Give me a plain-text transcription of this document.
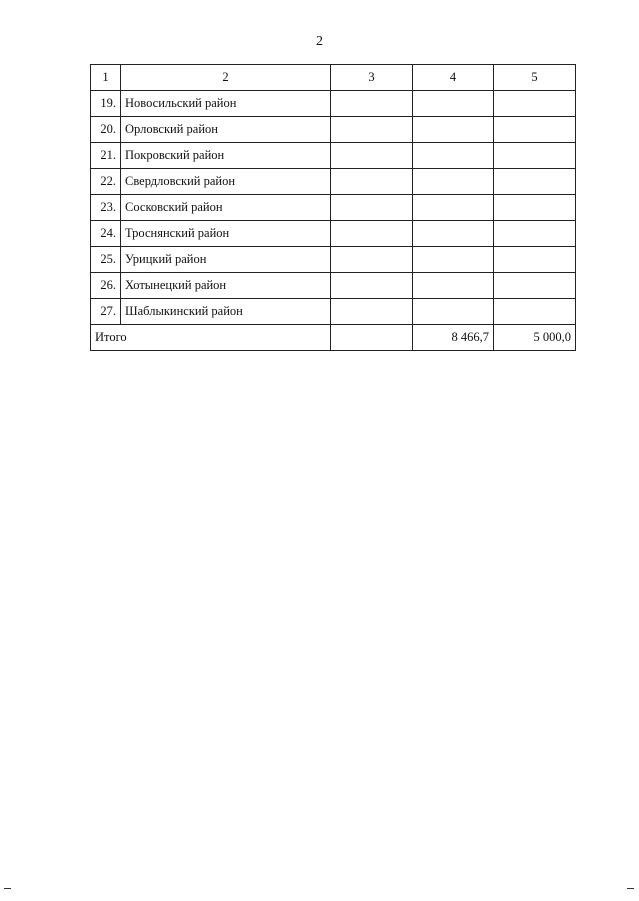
2
1	2	3	4	5
19.	Новосильский район			
20.	Орловский район			
21.	Покровский район			
22.	Свердловский район			
23.	Сосковский район			
24.	Троснянский район			
25.	Урицкий район			
26.	Хотынецкий район			
27.	Шаблыкинский район			
Итого			8 466,7	5 000,0
